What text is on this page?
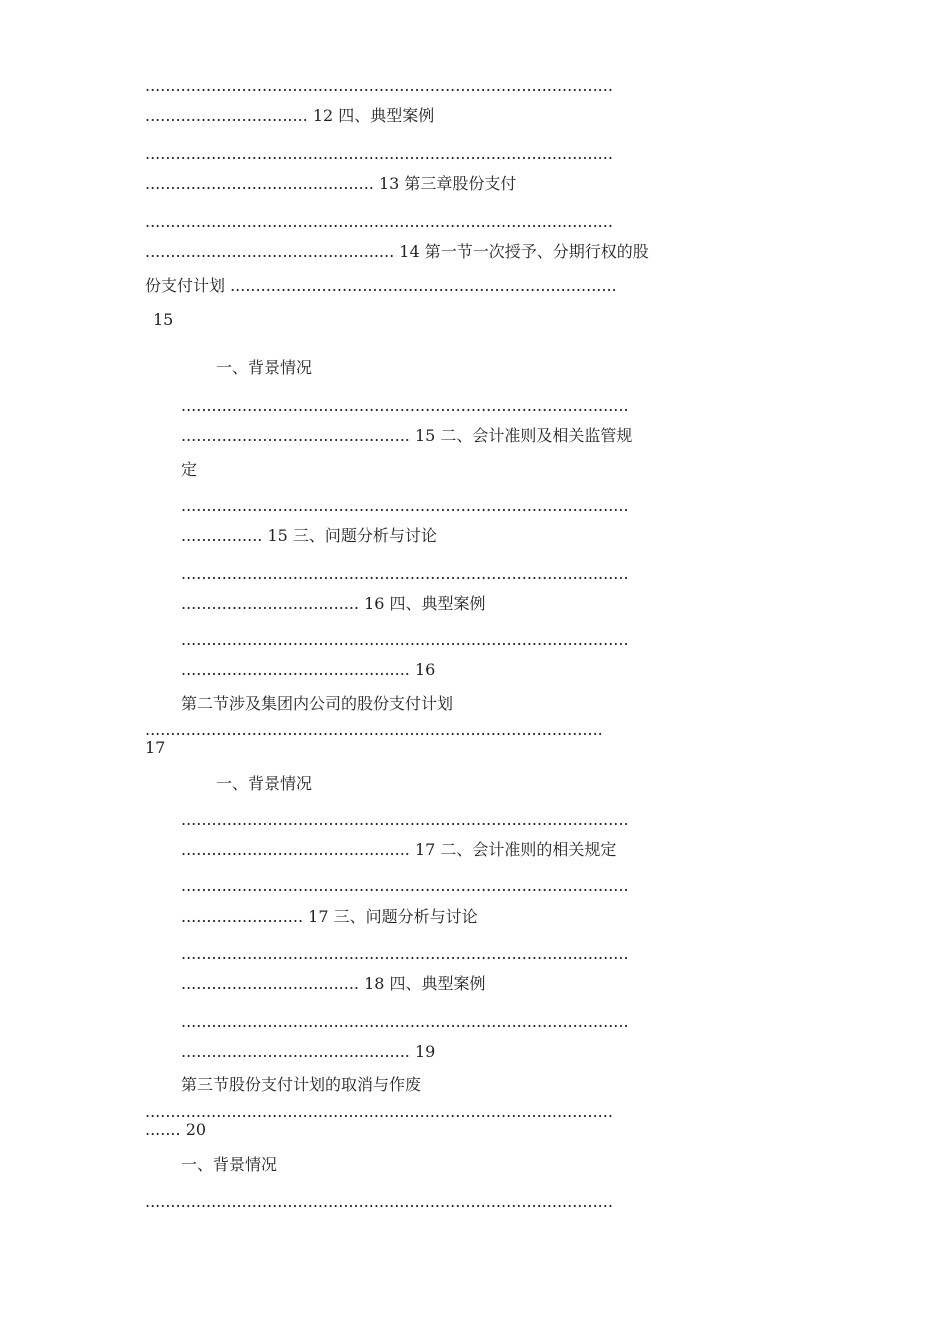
............................................................................................
................................ 12 四、典型案例
............................................................................................
............................................. 13 第三章股份支付
............................................................................................
................................................. 14 第一节一次授予、分期行权的股
份支付计划 ............................................................................
15
一、背景情况
........................................................................................
............................................. 15 二、会计准则及相关监管规
定
........................................................................................
................ 15 三、问题分析与讨论
........................................................................................
................................... 16 四、典型案例
........................................................................................
............................................. 16
第二节涉及集团内公司的股份支付计划
..........................................................................................
17
一、背景情况
........................................................................................
............................................. 17 二、会计准则的相关规定
........................................................................................
........................ 17 三、问题分析与讨论
........................................................................................
................................... 18 四、典型案例
........................................................................................
............................................. 19
第三节股份支付计划的取消与作废
............................................................................................
....... 20
一、背景情况
............................................................................................
